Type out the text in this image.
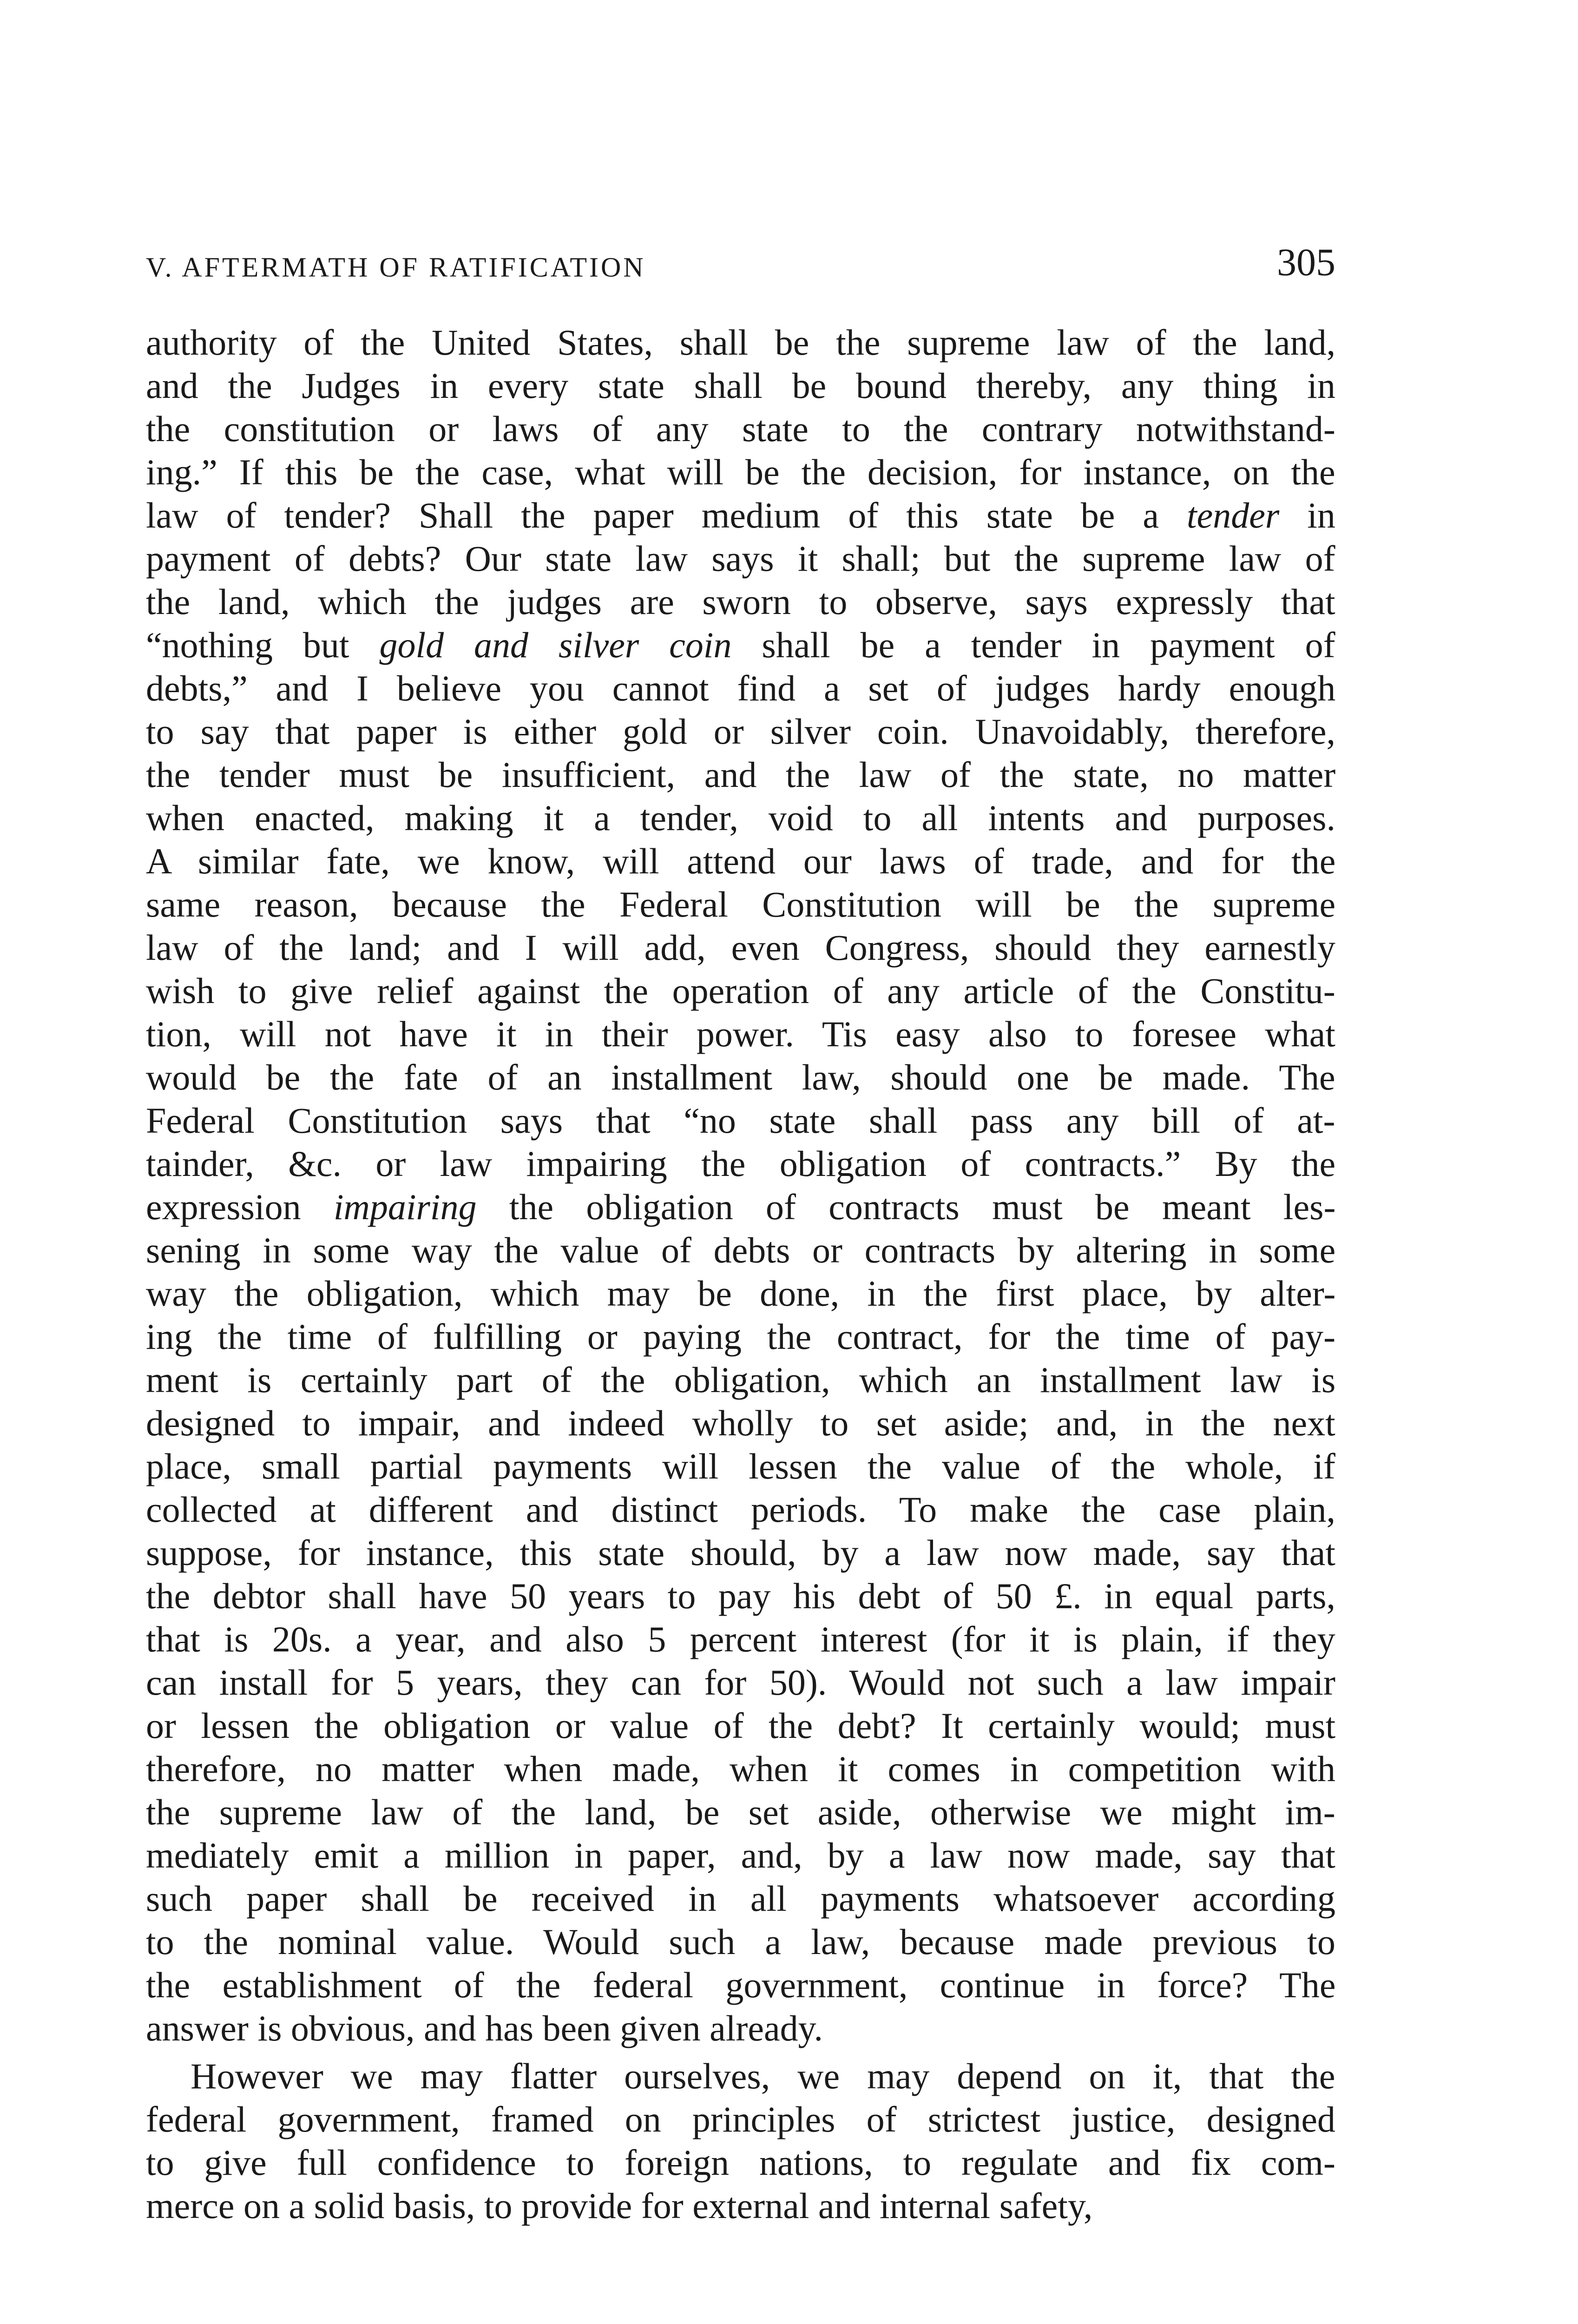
V. AFTERMATH OF RATIFICATION	305
authority of the United States, shall be the supreme law of the land,
and the Judges in every state shall be bound thereby, any thing in
the constitution or laws of any state to the contrary notwithstand-
ing.” If this be the case, what will be the decision, for instance, on the
law of tender? Shall the paper medium of this state be a tender in
payment of debts? Our state law says it shall; but the supreme law of
the land, which the judges are sworn to observe, says expressly that
“nothing but gold and silver coin shall be a tender in payment of
debts,” and I believe you cannot find a set of judges hardy enough
to say that paper is either gold or silver coin. Unavoidably, therefore,
the tender must be insufficient, and the law of the state, no matter
when enacted, making it a tender, void to all intents and purposes.
A similar fate, we know, will attend our laws of trade, and for the
same reason, because the Federal Constitution will be the supreme
law of the land; and I will add, even Congress, should they earnestly
wish to give relief against the operation of any article of the Constitu-
tion, will not have it in their power. Tis easy also to foresee what
would be the fate of an installment law, should one be made. The
Federal Constitution says that “no state shall pass any bill of at-
tainder, &c. or law impairing the obligation of contracts.” By the
expression impairing the obligation of contracts must be meant les-
sening in some way the value of debts or contracts by altering in some
way the obligation, which may be done, in the first place, by alter-
ing the time of fulfilling or paying the contract, for the time of pay-
ment is certainly part of the obligation, which an installment law is
designed to impair, and indeed wholly to set aside; and, in the next
place, small partial payments will lessen the value of the whole, if
collected at different and distinct periods. To make the case plain,
suppose, for instance, this state should, by a law now made, say that
the debtor shall have 50 years to pay his debt of 50 £. in equal parts,
that is 20s. a year, and also 5 percent interest (for it is plain, if they
can install for 5 years, they can for 50). Would not such a law impair
or lessen the obligation or value of the debt? It certainly would; must
therefore, no matter when made, when it comes in competition with
the supreme law of the land, be set aside, otherwise we might im-
mediately emit a million in paper, and, by a law now made, say that
such paper shall be received in all payments whatsoever according
to the nominal value. Would such a law, because made previous to
the establishment of the federal government, continue in force? The
answer is obvious, and has been given already.
However we may flatter ourselves, we may depend on it, that the
federal government, framed on principles of strictest justice, designed
to give full confidence to foreign nations, to regulate and fix com-
merce on a solid basis, to provide for external and internal safety,
